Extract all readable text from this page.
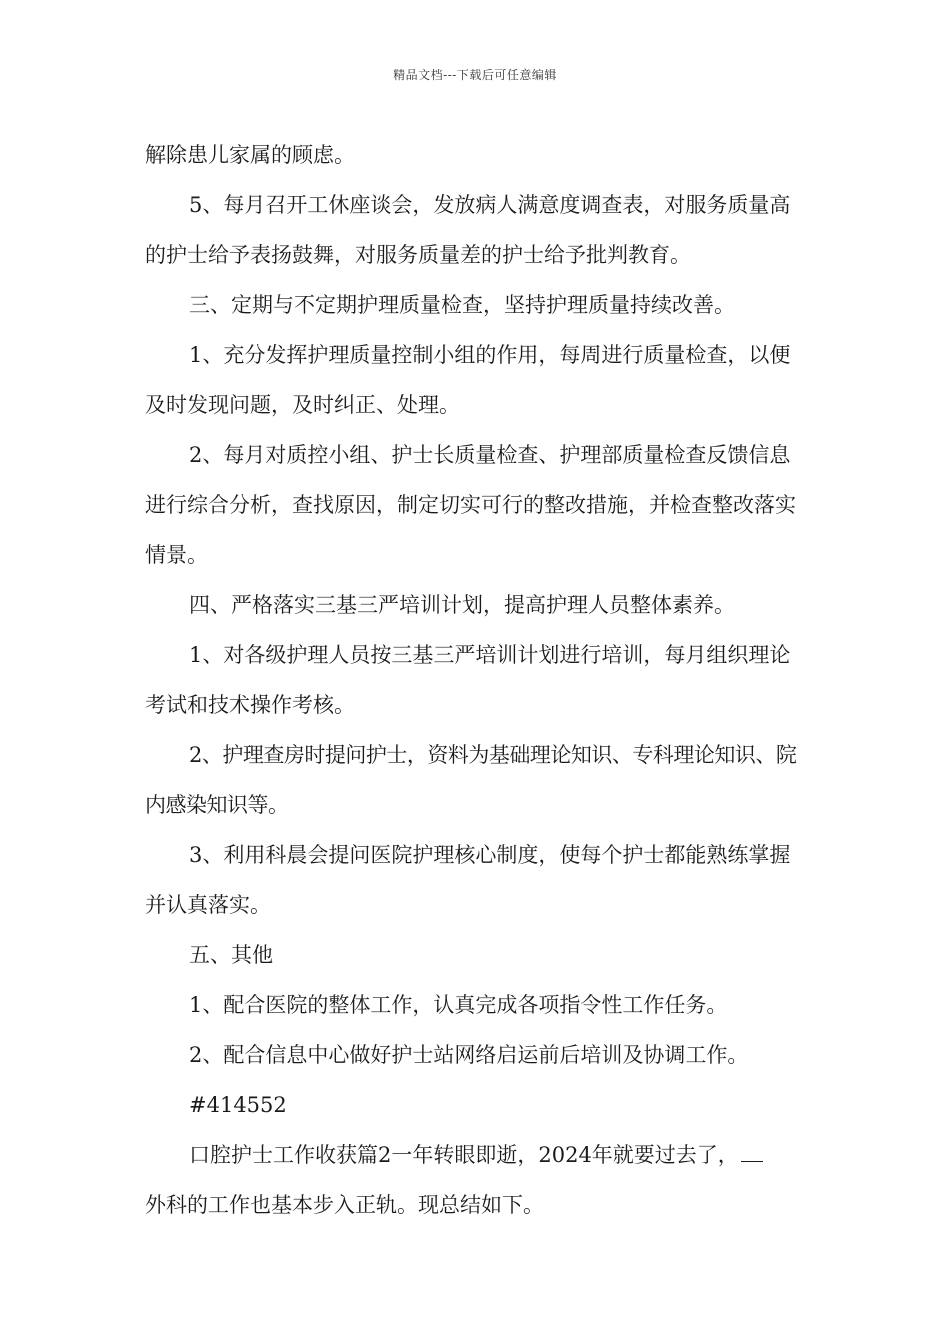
精品文档---下载后可任意编辑

解除患儿家属的顾虑。

5、每月召开工休座谈会，发放病人满意度调查表，对服务质量高的护士给予表扬鼓舞，对服务质量差的护士给予批判教育。

三、定期与不定期护理质量检查，坚持护理质量持续改善。

1、充分发挥护理质量控制小组的作用，每周进行质量检查，以便及时发现问题，及时纠正、处理。

2、每月对质控小组、护士长质量检查、护理部质量检查反馈信息进行综合分析，查找原因，制定切实可行的整改措施，并检查整改落实情景。

四、严格落实三基三严培训计划，提高护理人员整体素养。

1、对各级护理人员按三基三严培训计划进行培训，每月组织理论考试和技术操作考核。

2、护理查房时提问护士，资料为基础理论知识、专科理论知识、院内感染知识等。

3、利用科晨会提问医院护理核心制度，使每个护士都能熟练掌握并认真落实。

五、其他

1、配合医院的整体工作，认真完成各项指令性工作任务。

2、配合信息中心做好护士站网络启运前后培训及协调工作。

#414552

口腔护士工作收获篇2一年转眼即逝，2024年就要过去了，

外科的工作也基本步入正轨。现总结如下。
